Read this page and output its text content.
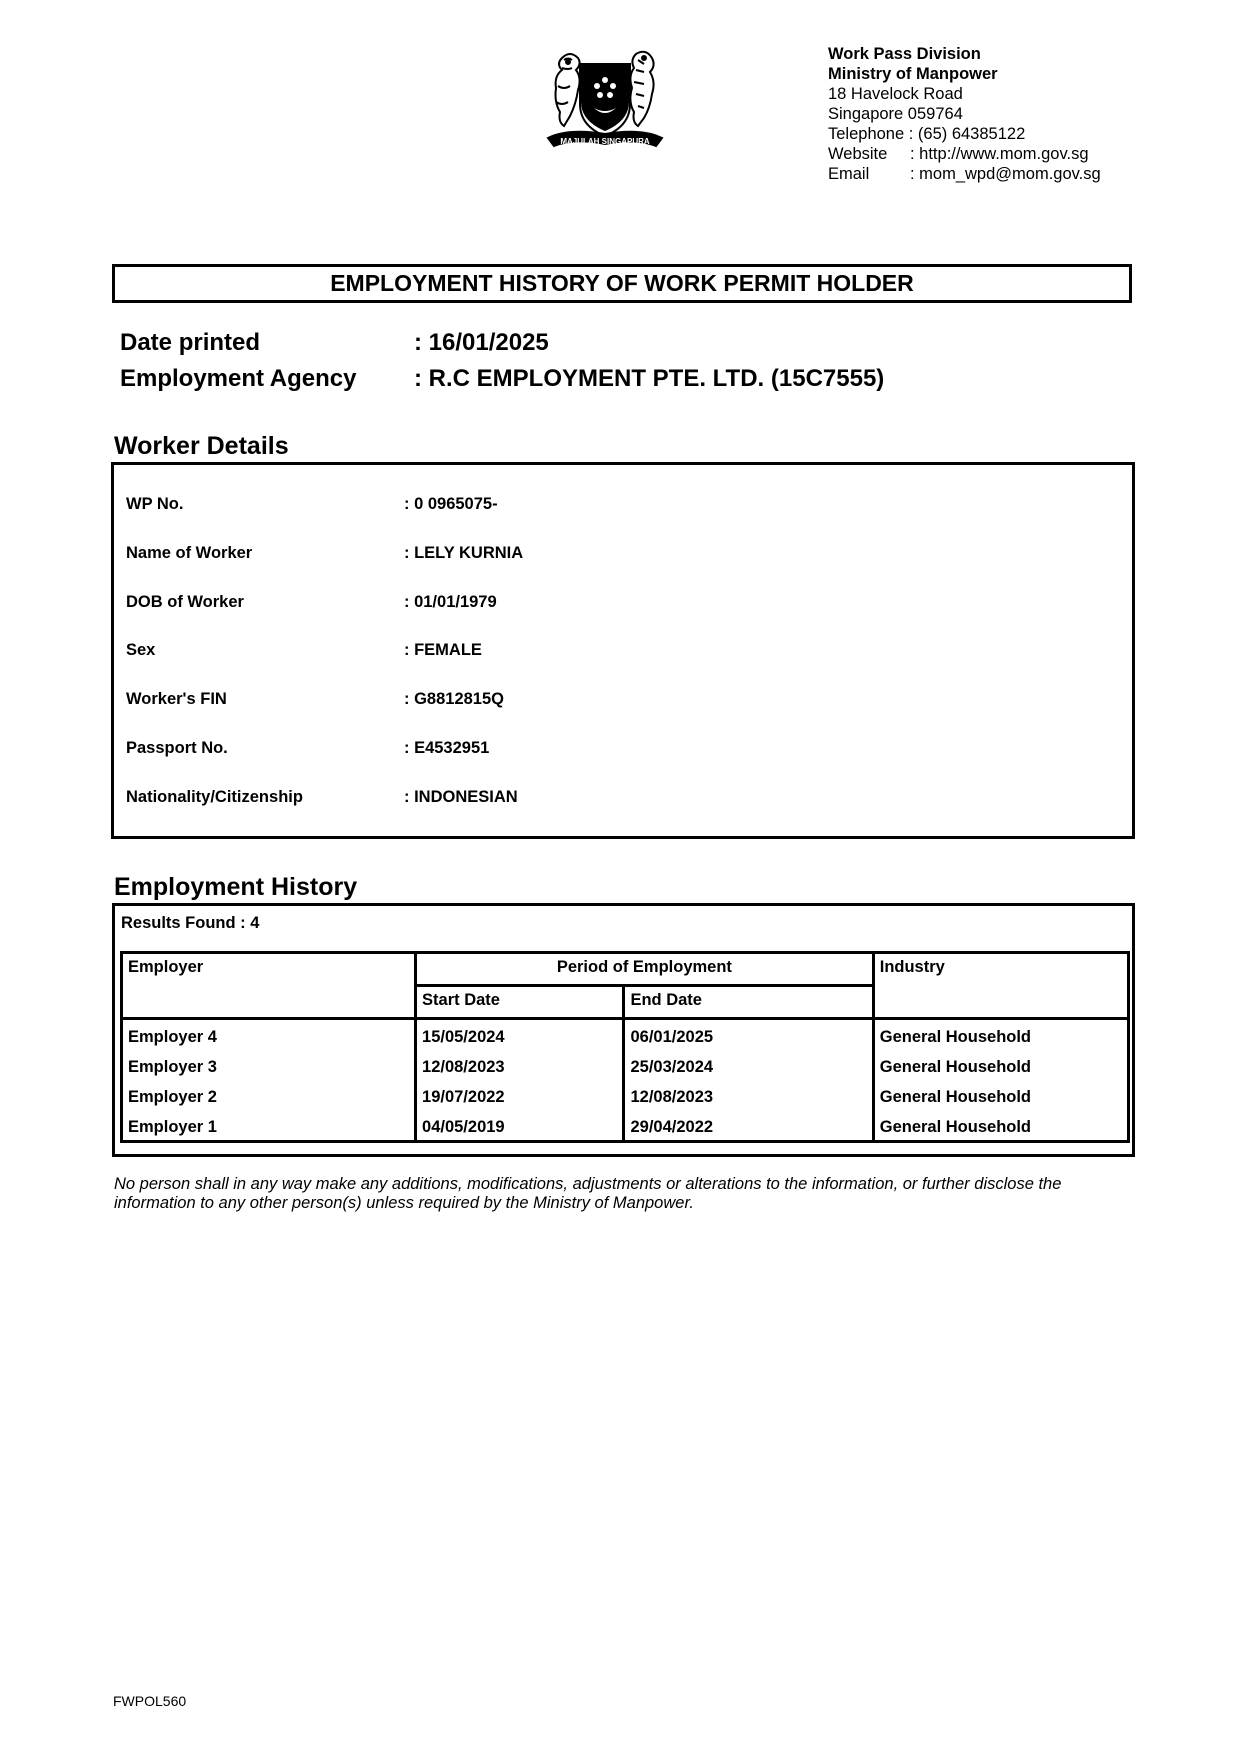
MAJULAH SINGAPURA
Work Pass Division
Ministry of Manpower
18 Havelock Road
Singapore 059764
Telephone : (65) 64385122
Website	: http://www.mom.gov.sg
Email	: mom_wpd@mom.gov.sg
EMPLOYMENT HISTORY OF WORK PERMIT HOLDER
Date printed	: 16/01/2025
Employment Agency	: R.C EMPLOYMENT PTE. LTD. (15C7555)
Worker Details
WP No.	: 0 0965075-
Name of Worker	: LELY KURNIA
DOB of Worker	: 01/01/1979
Sex	: FEMALE
Worker's FIN	: G8812815Q
Passport No.	: E4532951
Nationality/Citizenship	: INDONESIAN
Employment History
Results Found : 4
Employer	Period of Employment		Industry
	Start Date	End Date	
Employer 4	15/05/2024	06/01/2025	General Household
Employer 3	12/08/2023	25/03/2024	General Household
Employer 2	19/07/2022	12/08/2023	General Household
Employer 1	04/05/2019	29/04/2022	General Household
No person shall in any way make any additions, modifications, adjustments or alterations to the information, or further disclose the information to any other person(s) unless required by the Ministry of Manpower.
FWPOL560
